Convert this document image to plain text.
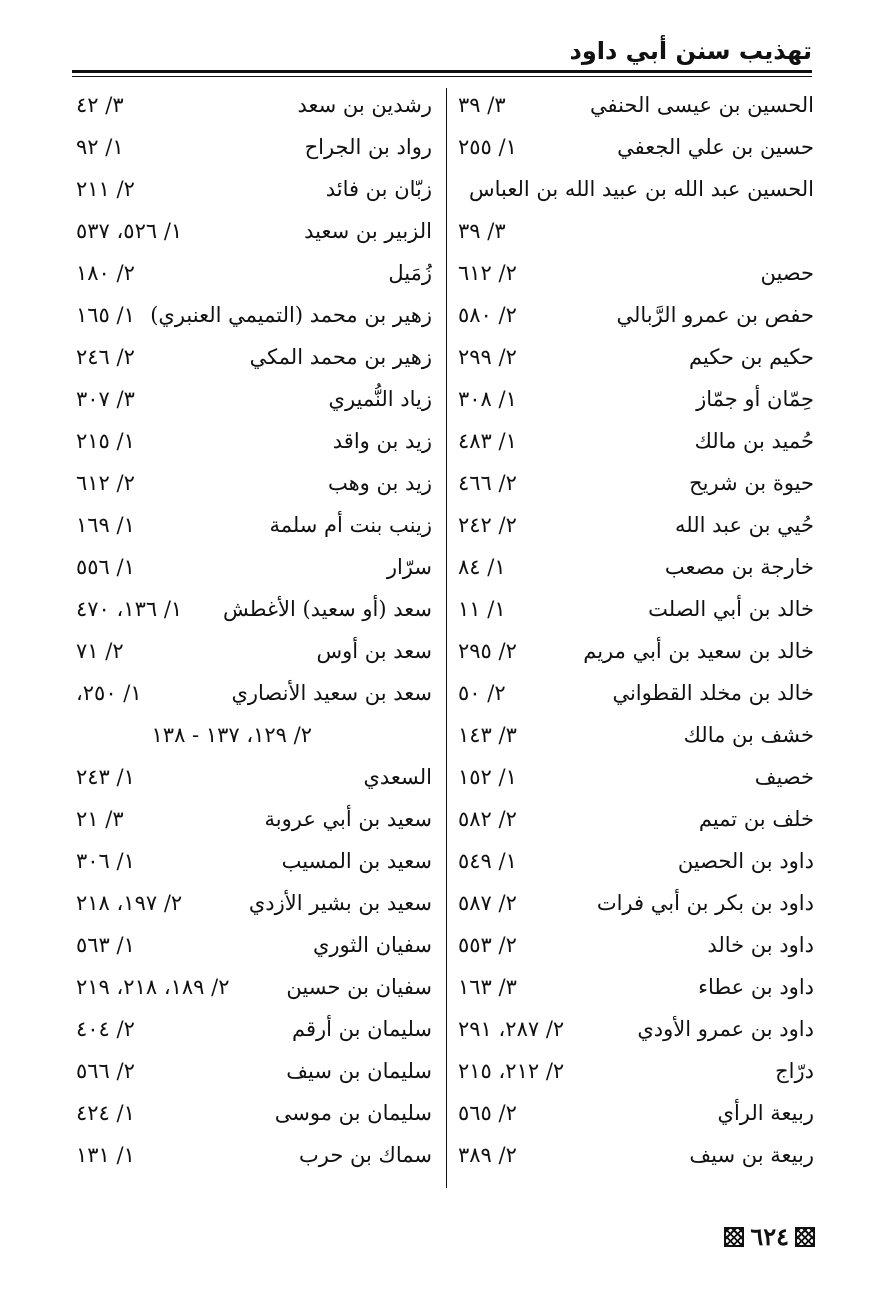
تهذيب سنن أبي داود
الحسين بن عيسى الحنفي
٣/ ٣٩
حسين بن علي الجعفي
١/ ٢٥٥
الحسين عبد الله بن عبيد الله بن العباس
٣/ ٣٩
حصين
٢/ ٦١٢
حفص بن عمرو الرَّبالي
٢/ ٥٨٠
حكيم بن حكيم
٢/ ٢٩٩
حِمّان أو جمّاز
١/ ٣٠٨
حُميد بن مالك
١/ ٤٨٣
حيوة بن شريح
٢/ ٤٦٦
حُيي بن عبد الله
٢/ ٢٤٢
خارجة بن مصعب
١/ ٨٤
خالد بن أبي الصلت
١/ ١١
خالد بن سعيد بن أبي مريم
٢/ ٢٩٥
خالد بن مخلد القطواني
٢/ ٥٠
خشف بن مالك
٣/ ١٤٣
خصيف
١/ ١٥٢
خلف بن تميم
٢/ ٥٨٢
داود بن الحصين
١/ ٥٤٩
داود بن بكر بن أبي فرات
٢/ ٥٨٧
داود بن خالد
٢/ ٥٥٣
داود بن عطاء
٣/ ١٦٣
داود بن عمرو الأودي
٢/ ٢٨٧، ٢٩١
درّاج
٢/ ٢١٢، ٢١٥
ربيعة الرأي
٢/ ٥٦٥
ربيعة بن سيف
٢/ ٣٨٩
رشدين بن سعد
٣/ ٤٢
رواد بن الجراح
١/ ٩٢
زبّان بن فائد
٢/ ٢١١
الزبير بن سعيد
١/ ٥٢٦، ٥٣٧
زُمَيل
٢/ ١٨٠
زهير بن محمد (التميمي العنبري)
١/ ١٦٥
زهير بن محمد المكي
٢/ ٢٤٦
زياد النُّميري
٣/ ٣٠٧
زيد بن واقد
١/ ٢١٥
زيد بن وهب
٢/ ٦١٢
زينب بنت أم سلمة
١/ ١٦٩
سرّار
١/ ٥٥٦
سعد (أو سعيد) الأغطش
١/ ١٣٦، ٤٧٠
سعد بن أوس
٢/ ٧١
سعد بن سعيد الأنصاري
١/ ٢٥٠،
٢/ ١٢٩، ١٣٧ - ١٣٨
السعدي
١/ ٢٤٣
سعيد بن أبي عروبة
٣/ ٢١
سعيد بن المسيب
١/ ٣٠٦
سعيد بن بشير الأزدي
٢/ ١٩٧، ٢١٨
سفيان الثوري
١/ ٥٦٣
سفيان بن حسين
٢/ ١٨٩، ٢١٨، ٢١٩
سليمان بن أرقم
٢/ ٤٠٤
سليمان بن سيف
٢/ ٥٦٦
سليمان بن موسى
١/ ٤٢٤
سماك بن حرب
١/ ١٣١
٦٢٤
